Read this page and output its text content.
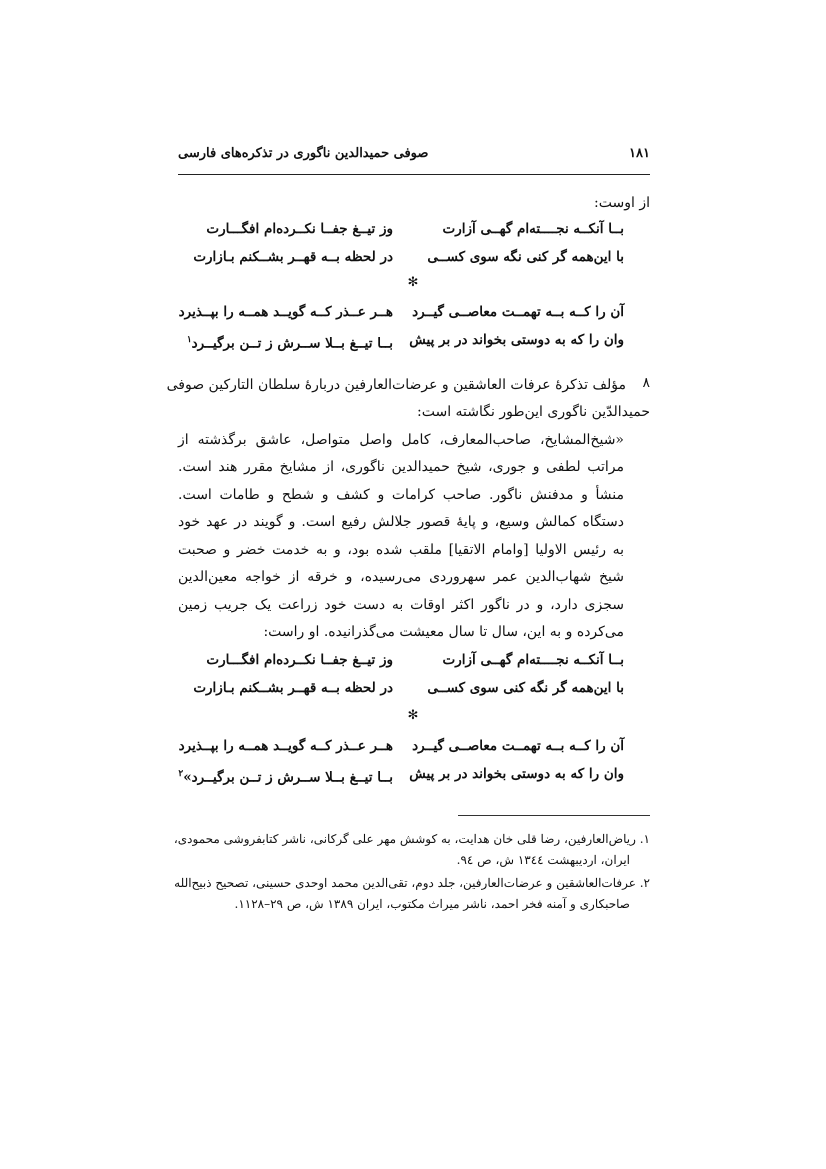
۱۸۱
صوفی حمیدالدین ناگوری در تذکره‌های فارسی
از اوست:
بــا آنکــه نجــــته‌ام گهــی آزارت
وز تیــغ جفــا نکــرده‌ام افگـــارت
با این‌همه گر کنی نگه سوی کســی
در لحظه بــه قهــر بشــکنم بـازارت
✻
آن را کــه بــه تهمــت معاصــی گیــرد
هــر عــذر کــه گویــد همــه را بپــذیرد
وان را که به دوستی بخواند در بر پیش
بــا تیــغ بــلا ســرش ز تــن برگیــرد$^۱$
۸
مؤلف تذکرهٔ عرفات العاشقین و عرضات‌العارفین دربارهٔ سلطان التارکین صوفی
حمیدالدّین ناگوری این‌طور نگاشته است:
«شیخ‌المشایخ، صاحب‌المعارف، کامل واصل متواصل، عاشق برگذشته از
مراتب لطفی و جوری، شیخ حمیدالدین ناگوری، از مشایخ مقرر هند است.
منشأ و مدفنش ناگور. صاحب کرامات و کشف و شطح و طامات است.
دستگاه کمالش وسیع، و پایهٔ قصور جلالش رفیع است. و گویند در عهد خود
به رئیس الاولیا [وامام الاتقیا] ملقب شده بود، و به خدمت خضر و صحبت
شیخ شهاب‌الدین عمر سهروردی می‌رسیده، و خرقه از خواجه معین‌الدین
سجزی دارد، و در ناگور اکثر اوقات به دست خود زراعت یک جریب زمین
می‌کرده و به این، سال تا سال معیشت می‌گذرانیده. او راست:
بــا آنکــه نجــــته‌ام گهــی آزارت
وز تیــغ جفــا نکــرده‌ام افگـــارت
با این‌همه گر نگه کنی سوی کســی
در لحظه بــه قهــر بشــکنم بـازارت
✻
آن را کــه بــه تهمــت معاصــی گیــرد
هــر عــذر کــه گویــد همــه را بپــذیرد
وان را که به دوستی بخواند در بر پیش
بــا تیــغ بــلا ســرش ز تــن برگیــرد»$^۲$
۱. ریاض‌العارفین، رضا قلی خان هدایت، به کوشش مهر علی گرکانی، ناشر کتابفروشی محمودی،
ایران، اردیبهشت ۱۳٤٤ ش، ص ۹٤.
۲. عرفات‌العاشقین و عرضات‌العارفین، جلد دوم، تقی‌الدین محمد اوحدی حسینی، تصحیح ذبیح‌الله
صاحبکاری و آمنه فخر احمد، ناشر میراث مکتوب، ایران ۱۳۸۹ ش، ص ۲۹–۱۱۲۸.
